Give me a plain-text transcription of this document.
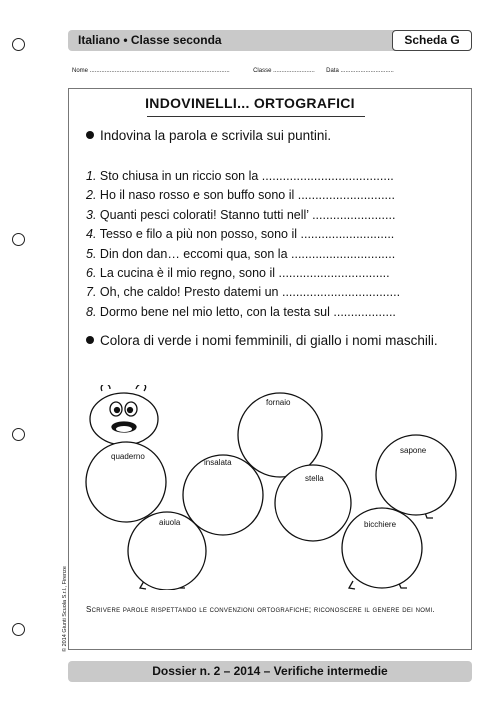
Italiano • Classe seconda	Scheda G
Nome ....................................................................................	Classe ......................... Data ................................
INDOVINELLI... ORTOGRAFICI
Indovina la parola e scrivila sui puntini.
1. Sto chiusa in un riccio son la ......................................
2. Ho il naso rosso e son buffo sono il ............................
3. Quanti pesci colorati! Stanno tutti nell’ ........................
4. Tesso e filo a più non posso, sono il ...........................
5. Din don dan… eccomi qua, son la ..............................
6. La cucina è il mio regno, sono il ................................
7. Oh, che caldo! Presto datemi un ..................................
8. Dormo bene nel mio letto, con la testa sul ..................
Colora di verde i nomi femminili, di giallo i nomi maschili.
fornaio
quaderno
insalata
sapone
stella
aiuola	bicchiere
Scrivere parole rispettando le convenzioni ortografiche; riconoscere il genere dei nomi.
© 2014 Giunti Scuola S.r.l., Firenze
Dossier n. 2 – 2014 – Verifiche intermedie
